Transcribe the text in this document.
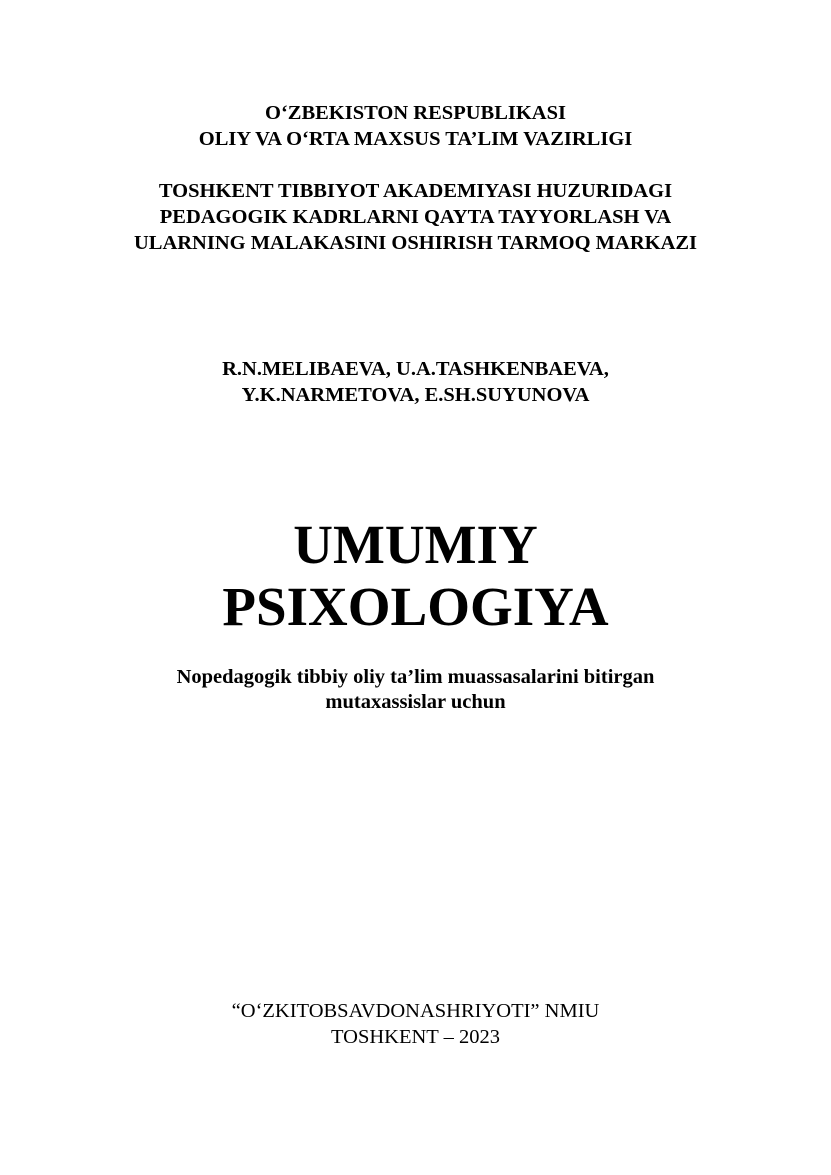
O‘ZBEKISTON RESPUBLIKASI
OLIY VA O‘RTA MAXSUS TA’LIM VAZIRLIGI
TOSHKENT TIBBIYOT AKADEMIYASI HUZURIDAGI
PEDAGOGIK KADRLARNI QAYTA TAYYORLASH VA
ULARNING MALAKASINI OSHIRISH TARMOQ MARKAZI
R.N.MELIBAEVA, U.A.TASHKENBAEVA,
Y.K.NARMETOVA, E.SH.SUYUNOVA
UMUMIY
PSIXOLOGIYA
Nopedagogik tibbiy oliy ta’lim muassasalarini bitirgan
mutaxassislar uchun
“O‘ZKITOBSAVDONASHRIYOTI” NMIU
TOSHKENT – 2023
